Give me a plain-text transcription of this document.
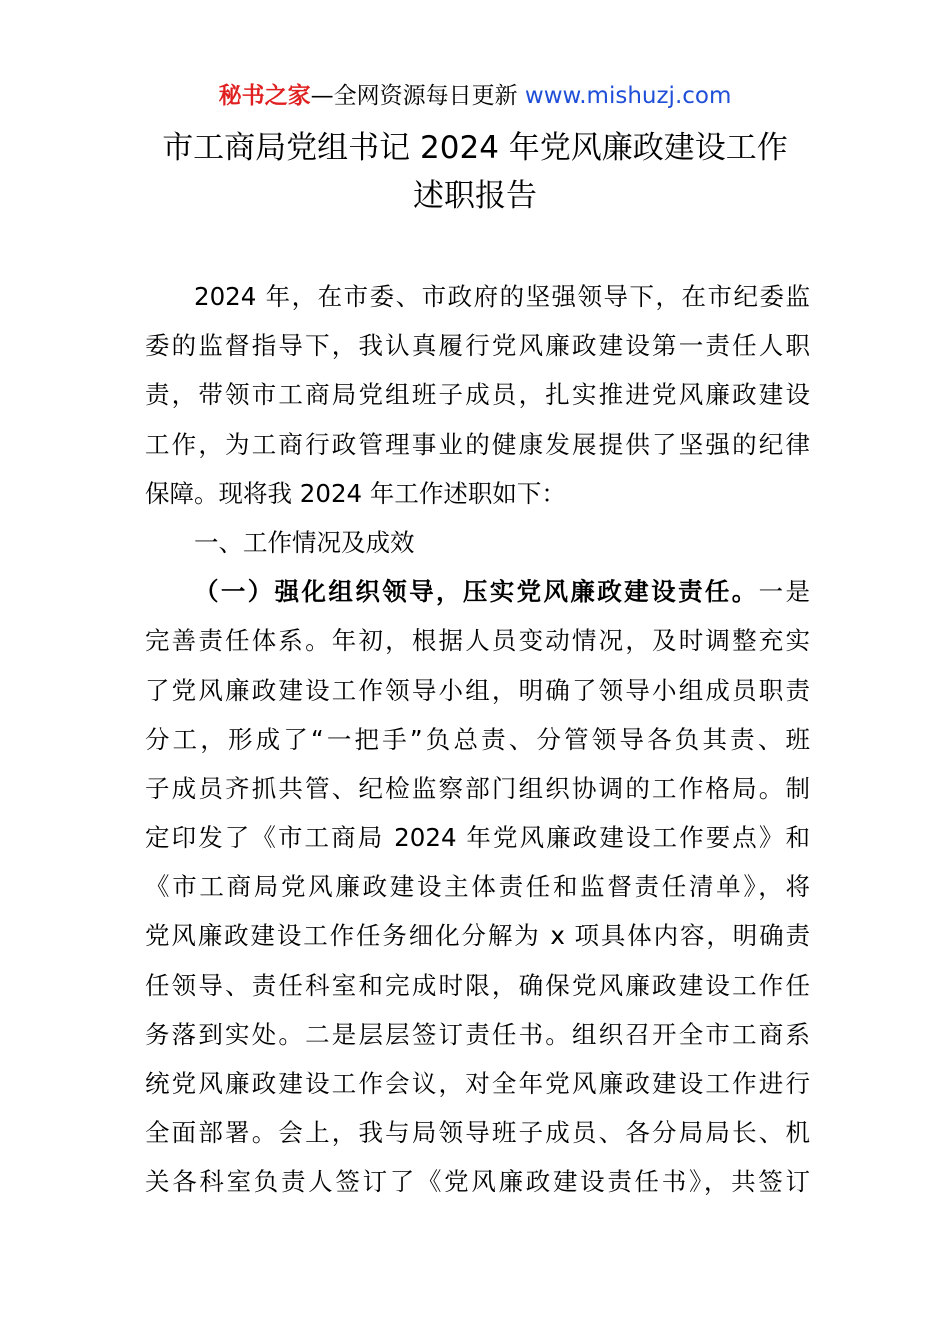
秘书之家—全网资源每日更新 www.mishuzj.com
市工商局党组书记 2024 年党风廉政建设工作
述职报告
2024 年，在市委、市政府的坚强领导下，在市纪委监
委的监督指导下，我认真履行党风廉政建设第一责任人职
责，带领市工商局党组班子成员，扎实推进党风廉政建设
工作，为工商行政管理事业的健康发展提供了坚强的纪律
保障。现将我 2024 年工作述职如下：
一、工作情况及成效
（一）强化组织领导，压实党风廉政建设责任。一是
完善责任体系。年初，根据人员变动情况，及时调整充实
了党风廉政建设工作领导小组，明确了领导小组成员职责
分工，形成了“一把手”负总责、分管领导各负其责、班
子成员齐抓共管、纪检监察部门组织协调的工作格局。制
定印发了《市工商局 2024 年党风廉政建设工作要点》和
《市工商局党风廉政建设主体责任和监督责任清单》，将
党风廉政建设工作任务细化分解为 x 项具体内容，明确责
任领导、责任科室和完成时限，确保党风廉政建设工作任
务落到实处。二是层层签订责任书。组织召开全市工商系
统党风廉政建设工作会议，对全年党风廉政建设工作进行
全面部署。会上，我与局领导班子成员、各分局局长、机
关各科室负责人签订了《党风廉政建设责任书》，共签订
